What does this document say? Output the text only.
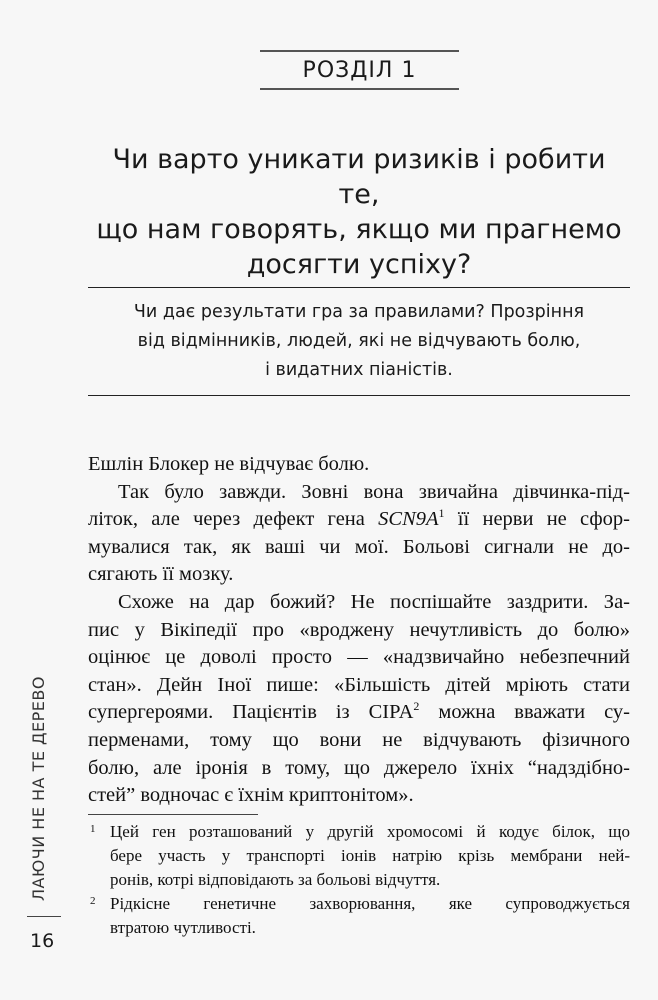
РОЗДІЛ 1
Чи варто уникати ризиків і робити те,
що нам говорять, якщо ми прагнемо
досягти успіху?
Чи дає результати гра за правилами? Прозріння
від відмінників, людей, які не відчувають болю,
і видатних піаністів.
Ешлін Блокер не відчуває болю.
Так було завжди. Зовні вона звичайна дівчинка-під-
літок, але через дефект гена SCN9A$^1$ її нерви не сфор-
мувалися так, як ваші чи мої. Больові сигнали не до-
сягають її мозку.
Схоже на дар божий? Не поспішайте заздрити. За-
пис у Вікіпедії про «вроджену нечутливість до болю»
оцінює це доволі просто — «надзвичайно небезпечний
стан». Дейн Іної пише: «Більшість дітей мріють стати
супергероями. Пацієнтів із CIPA$^2$ можна вважати су-
перменами, тому що вони не відчувають фізичного
болю, але іронія в тому, що джерело їхніх “надздібно-
стей” водночас є їхнім криптонітом».
1 Цей ген розташований у другій хромосомі й кодує білок, що
бере участь у транспорті іонів натрію крізь мембрани ней-
ронів, котрі відповідають за больові відчуття.
2 Рідкісне генетичне захворювання, яке супроводжується
втратою чутливості.
ЛАЮЧИ НЕ НА ТЕ ДЕРЕВО
16
